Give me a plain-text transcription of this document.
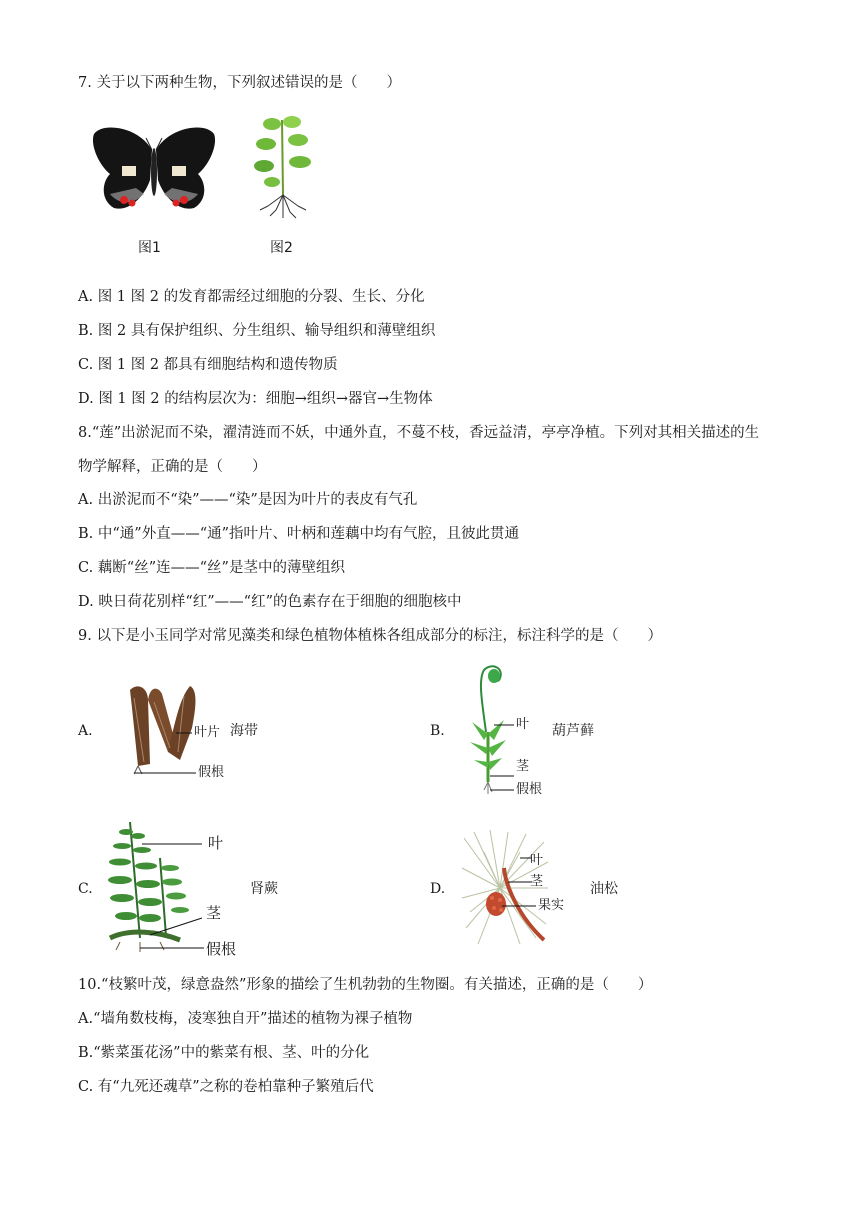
7. 关于以下两种生物，下列叙述错误的是（　　）
图1	图2
A. 图 1 图 2 的发育都需经过细胞的分裂、生长、分化
B. 图 2 具有保护组织、分生组织、输导组织和薄壁组织
C. 图 1 图 2 都具有细胞结构和遗传物质
D. 图 1 图 2 的结构层次为：细胞→组织→器官→生物体
8.“莲”出淤泥而不染，濯清涟而不妖，中通外直，不蔓不枝，香远益清，亭亭净植。下列对其相关描述的生
物学解释，正确的是（　　）
A. 出淤泥而不“染”——“染”是因为叶片的表皮有气孔
B. 中“通”外直——“通”指叶片、叶柄和莲藕中均有气腔，且彼此贯通
C. 藕断“丝”连——“丝”是茎中的薄壁组织
D. 映日荷花别样“红”——“红”的色素存在于细胞的细胞核中
9. 以下是小玉同学对常见藻类和绿色植物体植株各组成部分的标注，标注科学的是（　　）
A.	叶片
假根
海带	B.	叶
茎
假根
葫芦藓
C.
叶
茎
假根
肾蕨	D.
叶
茎
果实
油松
10.“枝繁叶茂，绿意盎然”形象的描绘了生机勃勃的生物圈。有关描述，正确的是（　　）
A.“墙角数枝梅，凌寒独自开”描述的植物为裸子植物
B.“紫菜蛋花汤”中的紫菜有根、茎、叶的分化
C. 有“九死还魂草”之称的卷柏靠种子繁殖后代
